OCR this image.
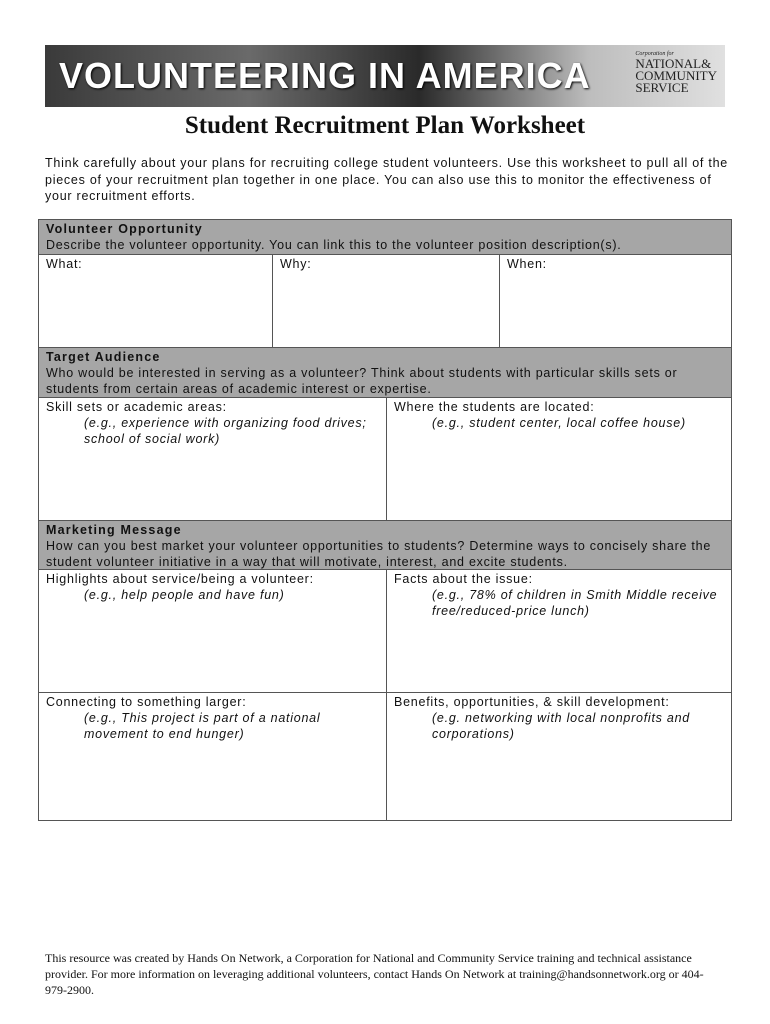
VOLUNTEERING IN AMERICA
Corporation for
NATIONAL&
COMMUNITY
SERVICE
Student Recruitment Plan Worksheet
Think carefully about your plans for recruiting college student volunteers. Use this worksheet to pull all of the pieces of your recruitment plan together in one place. You can also use this to monitor the effectiveness of your recruitment efforts.
Volunteer Opportunity
Describe the volunteer opportunity. You can link this to the volunteer position description(s).
What:	Why:	When:
Target Audience
Who would be interested in serving as a volunteer? Think about students with particular skills sets or students from certain areas of academic interest or expertise.
Skill sets or academic areas:
(e.g., experience with organizing food drives; school of social work)
Where the students are located:
(e.g., student center, local coffee house)
Marketing Message
How can you best market your volunteer opportunities to students? Determine ways to concisely share the student volunteer initiative in a way that will motivate, interest, and excite students.
Highlights about service/being a volunteer:
(e.g., help people and have fun)
Facts about the issue:
(e.g., 78% of children in Smith Middle receive free/reduced-price lunch)
Connecting to something larger:
(e.g., This project is part of a national movement to end hunger)
Benefits, opportunities, & skill development:
(e.g. networking with local nonprofits and corporations)
This resource was created by Hands On Network, a Corporation for National and Community Service training and technical assistance provider. For more information on leveraging additional volunteers, contact Hands On Network at training@handsonnetwork.org or 404-979-2900.
